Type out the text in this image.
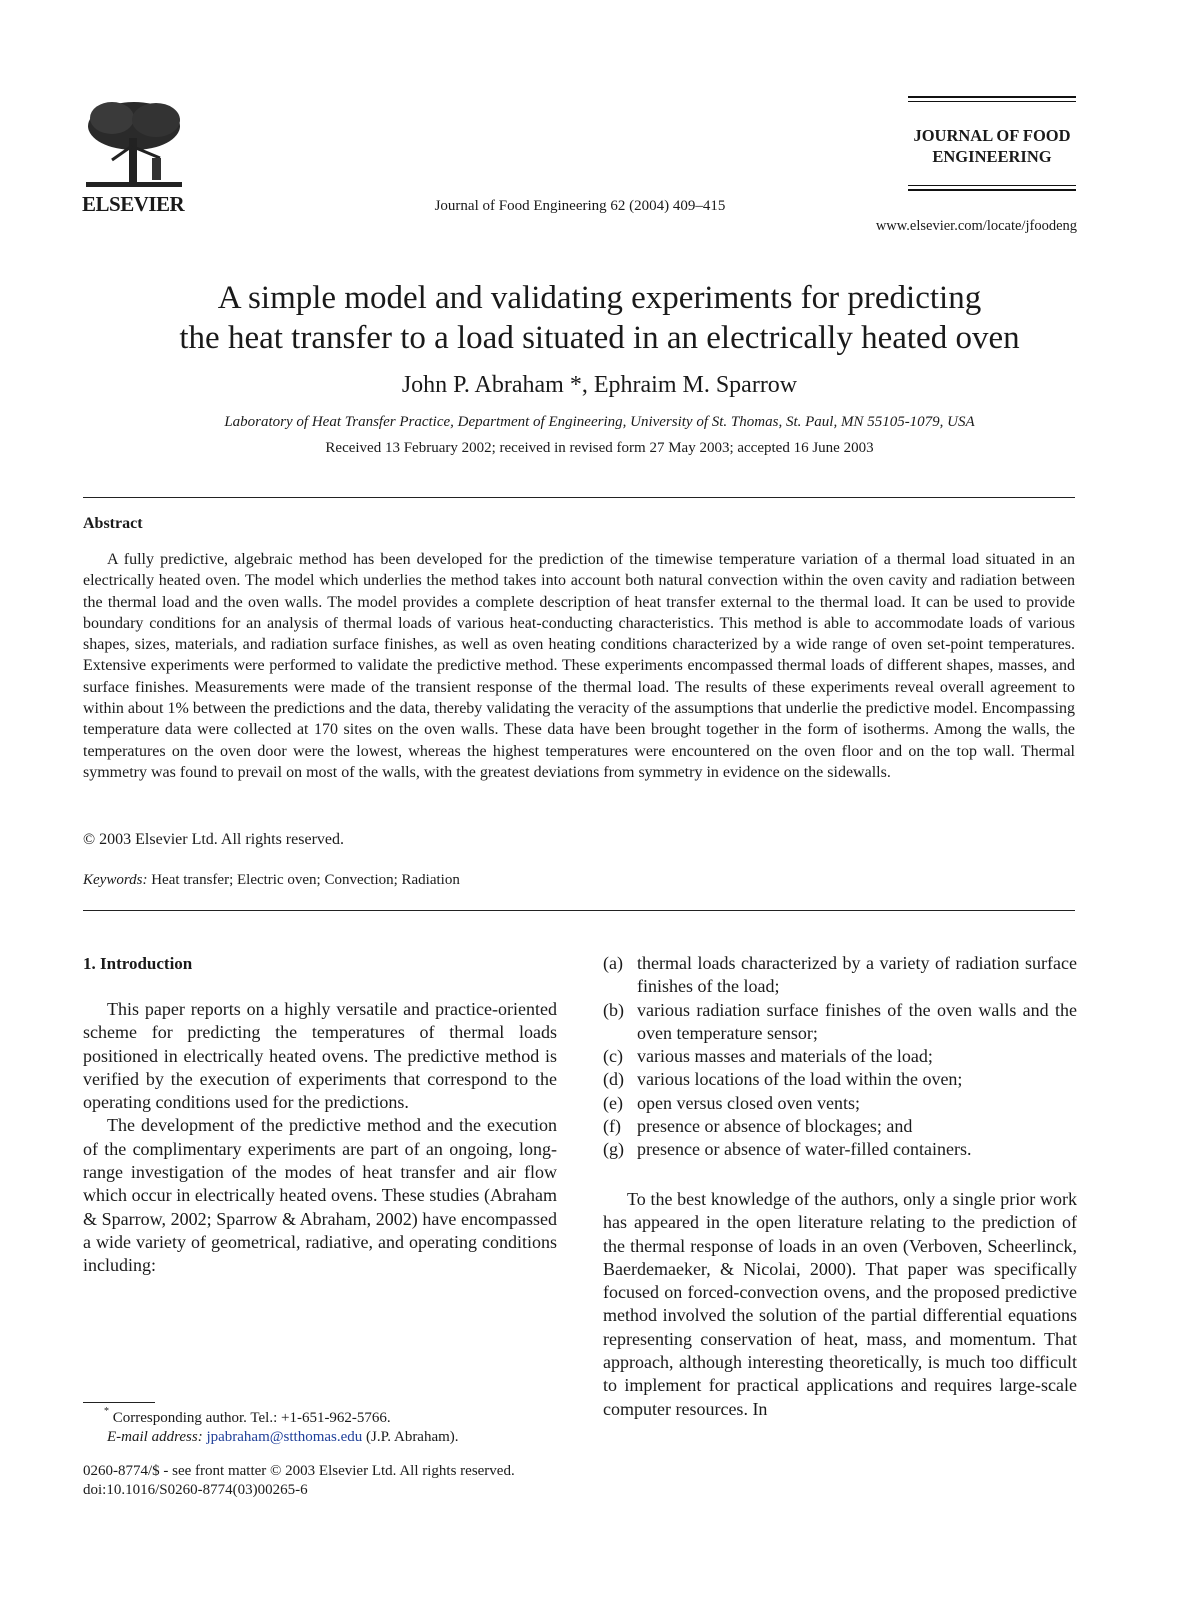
ELSEVIER	Journal of Food Engineering 62 (2004) 409–415
JOURNAL OF FOOD ENGINEERING
www.elsevier.com/locate/jfoodeng
A simple model and validating experiments for predicting
the heat transfer to a load situated in an electrically heated oven
John P. Abraham *, Ephraim M. Sparrow
Laboratory of Heat Transfer Practice, Department of Engineering, University of St. Thomas, St. Paul, MN 55105-1079, USA
Received 13 February 2002; received in revised form 27 May 2003; accepted 16 June 2003
Abstract

A fully predictive, algebraic method has been developed for the prediction of the timewise temperature variation of a thermal load situated in an electrically heated oven. The model which underlies the method takes into account both natural convection within the oven cavity and radiation between the thermal load and the oven walls. The model provides a complete description of heat transfer external to the thermal load. It can be used to provide boundary conditions for an analysis of thermal loads of various heat-conducting characteristics. This method is able to accommodate loads of various shapes, sizes, materials, and radiation surface finishes, as well as oven heating conditions characterized by a wide range of oven set-point temperatures. Extensive experiments were performed to validate the predictive method. These experiments encompassed thermal loads of different shapes, masses, and surface finishes. Measurements were made of the transient response of the thermal load. The results of these experiments reveal overall agreement to within about 1% between the predictions and the data, thereby validating the veracity of the assumptions that underlie the predictive model. Encompassing temperature data were collected at 170 sites on the oven walls. These data have been brought together in the form of isotherms. Among the walls, the temperatures on the oven door were the lowest, whereas the highest temperatures were encountered on the oven floor and on the top wall. Thermal symmetry was found to prevail on most of the walls, with the greatest deviations from symmetry in evidence on the sidewalls.

© 2003 Elsevier Ltd. All rights reserved.
Keywords: Heat transfer; Electric oven; Convection; Radiation
1. Introduction

This paper reports on a highly versatile and practice-oriented scheme for predicting the temperatures of thermal loads positioned in electrically heated ovens. The predictive method is verified by the execution of experiments that correspond to the operating conditions used for the predictions.

The development of the predictive method and the execution of the complimentary experiments are part of an ongoing, long-range investigation of the modes of heat transfer and air flow which occur in electrically heated ovens. These studies (Abraham & Sparrow, 2002; Sparrow & Abraham, 2002) have encompassed a wide variety of geometrical, radiative, and operating conditions including:

(a) thermal loads characterized by a variety of radiation surface finishes of the load;
(b) various radiation surface finishes of the oven walls and the oven temperature sensor;
(c) various masses and materials of the load;
(d) various locations of the load within the oven;
(e) open versus closed oven vents;
(f) presence or absence of blockages; and
(g) presence or absence of water-filled containers.

To the best knowledge of the authors, only a single prior work has appeared in the open literature relating to the prediction of the thermal response of loads in an oven (Verboven, Scheerlinck, Baerdemaeker, & Nicolai, 2000). That paper was specifically focused on forced-convection ovens, and the proposed predictive method involved the solution of the partial differential equations representing conservation of heat, mass, and momentum. That approach, although interesting theoretically, is much too difficult to implement for practical applications and requires large-scale computer resources. In

* Corresponding author. Tel.: +1-651-962-5766.
E-mail address: jpabraham@stthomas.edu (J.P. Abraham).
0260-8774/$ - see front matter © 2003 Elsevier Ltd. All rights reserved.
doi:10.1016/S0260-8774(03)00265-6
